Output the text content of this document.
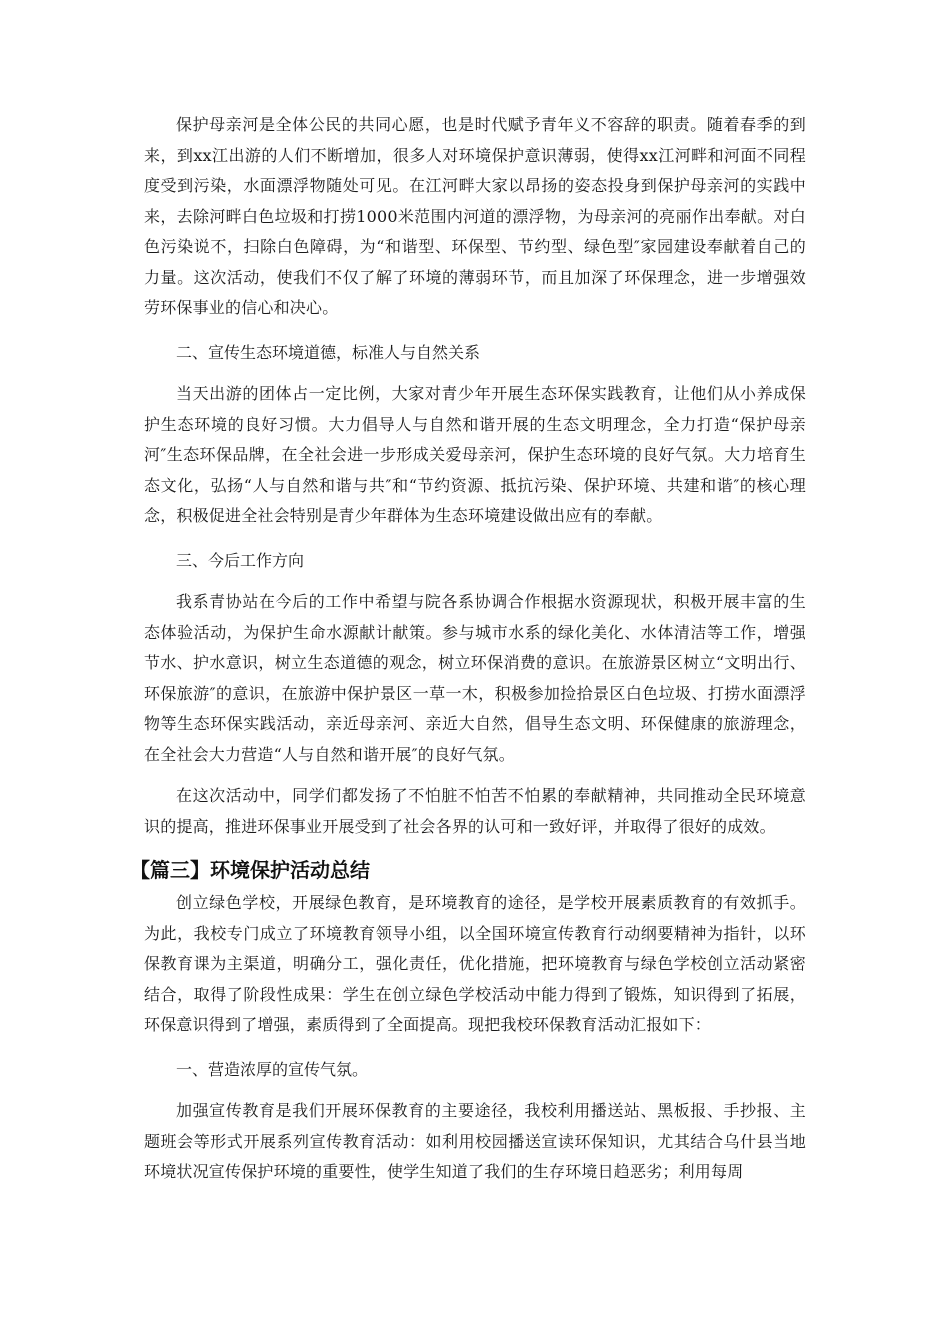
保护母亲河是全体公民的共同心愿，也是时代赋予青年义不容辞的职责。随着春季的到来，到xx江出游的人们不断增加，很多人对环境保护意识薄弱，使得xx江河畔和河面不同程度受到污染，水面漂浮物随处可见。在江河畔大家以昂扬的姿态投身到保护母亲河的实践中来，去除河畔白色垃圾和打捞1000米范围内河道的漂浮物，为母亲河的亮丽作出奉献。对白色污染说不，扫除白色障碍，为“和谐型、环保型、节约型、绿色型″家园建设奉献着自己的力量。这次活动，使我们不仅了解了环境的薄弱环节，而且加深了环保理念，进一步增强效劳环保事业的信心和决心。

二、宣传生态环境道德，标准人与自然关系

当天出游的团体占一定比例，大家对青少年开展生态环保实践教育，让他们从小养成保护生态环境的良好习惯。大力倡导人与自然和谐开展的生态文明理念，全力打造“保护母亲河″生态环保品牌，在全社会进一步形成关爱母亲河，保护生态环境的良好气氛。大力培育生态文化，弘扬“人与自然和谐与共″和“节约资源、抵抗污染、保护环境、共建和谐″的核心理念，积极促进全社会特别是青少年群体为生态环境建设做出应有的奉献。

三、今后工作方向

我系青协站在今后的工作中希望与院各系协调合作根据水资源现状，积极开展丰富的生态体验活动，为保护生命水源献计献策。参与城市水系的绿化美化、水体清洁等工作，增强节水、护水意识，树立生态道德的观念，树立环保消费的意识。在旅游景区树立“文明出行、环保旅游″的意识，在旅游中保护景区一草一木，积极参加捡拾景区白色垃圾、打捞水面漂浮物等生态环保实践活动，亲近母亲河、亲近大自然，倡导生态文明、环保健康的旅游理念，在全社会大力营造“人与自然和谐开展″的良好气氛。

在这次活动中，同学们都发扬了不怕脏不怕苦不怕累的奉献精神，共同推动全民环境意识的提高，推进环保事业开展受到了社会各界的认可和一致好评，并取得了很好的成效。

【篇三】环境保护活动总结

创立绿色学校，开展绿色教育，是环境教育的途径，是学校开展素质教育的有效抓手。为此，我校专门成立了环境教育领导小组，以全国环境宣传教育行动纲要精神为指针，以环保教育课为主渠道，明确分工，强化责任，优化措施，把环境教育与绿色学校创立活动紧密结合，取得了阶段性成果：学生在创立绿色学校活动中能力得到了锻炼，知识得到了拓展，环保意识得到了增强，素质得到了全面提高。现把我校环保教育活动汇报如下：

一、营造浓厚的宣传气氛。

加强宣传教育是我们开展环保教育的主要途径，我校利用播送站、黑板报、手抄报、主题班会等形式开展系列宣传教育活动：如利用校园播送宣读环保知识，尤其结合乌什县当地环境状况宣传保护环境的重要性，使学生知道了我们的生存环境日趋恶劣；利用每周
